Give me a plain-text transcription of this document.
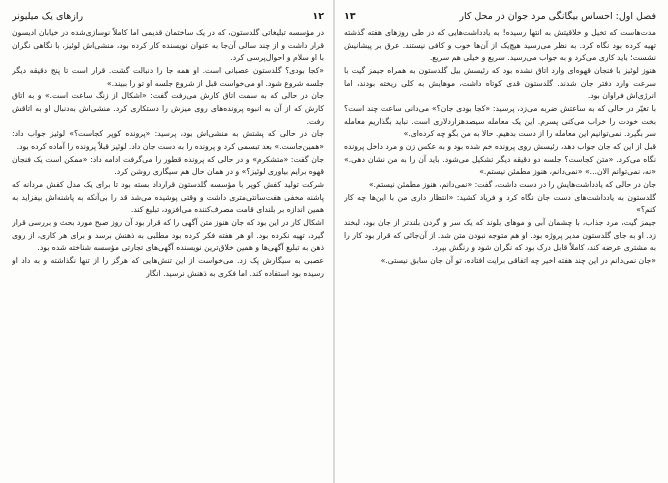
۱۲
رازهای یک میلیونر

در مؤسسه تبلیغاتی گلدستون، که در یک ساختمان قدیمی اما کاملاً نوسازی‌شده در خیابان ادیسون قرار داشت و از چند سالی آن‌جا به عنوان نویسنده کار کرده بود، منشی‌اش لوئیز، با نگاهی نگران با او سلام و احوال‌پرسی کرد.

«کجا بودی؟ گلدستون عصبانی است. او همه جا را دنبالت گشت. قرار است تا پنج دقیقه دیگر جلسه شروع شود. او می‌خواست قبل از شروع جلسه او تو را ببیند.»

جان در حالی که به سمت اتاق کارش می‌رفت گفت: «اشکال از زنگ ساعت است.» و به اتاق کارش که از آن به انبوه پرونده‌های روی میزش را دستکاری کرد. منشی‌اش به‌دنبال او به اتاقش رفت.

جان در حالی که پشتش به منشی‌اش بود، پرسید: «پرونده کوپر کجاست؟» لوئیز جواب داد: «همین‌جاست.» بعد تبسمی کرد و پرونده را به دست جان داد. لوئیز قبلاً پرونده را آماده کرده بود.

جان گفت: «متشکرم» و در حالی که پرونده قطور را می‌گرفت ادامه داد: «ممکن است یک فنجان قهوه برایم بیاوری لوئیز؟» و در همان حال هم سیگاری روشن کرد.

شرکت تولید کفش کوپر با مؤسسه گلدستون قرارداد بسته بود تا برای یک مدل کفش مردانه که پاشنه مخفی هفت‌سانتی‌متری داشت و وقتی پوشیده می‌شد قد را بی‌آنکه به پاشنه‌اش بیفزاید به همین اندازه بر بلندای قامت مصرف‌کننده می‌افزود، تبلیغ کند.

اشکال کار در این بود که جان هنوز متن آگهی را که قرار بود آن روز صبح مورد بحث و بررسی قرار گیرد، تهیه نکرده بود. او هر هفته فکر کرده بود مطلبی به ذهنش برسد و برای هر کاری، از روی ذهن به تبلیغ آگهی‌ها و همین خلاق‌ترین نویسنده آگهی‌های تجارتی مؤسسه شناخته شده بود.

عصبی به سیگارش پک زد. می‌خواست از این تنش‌هایی که هرگز را از تنها نگذاشته و به داد او رسیده بود استفاده کند. اما فکری به ذهنش نرسید. انگار

فصل اول: احساس بیگانگی مرد جوان در محل کار
۱۳

مدت‌هاست که تخیل و خلاقیتش به انتها رسیده! به یادداشت‌هایی که در طی روزهای هفته گذشته تهیه کرده بود نگاه کرد. به نظر می‌رسید هیچ‌یک از آن‌ها خوب و کافی نیستند. عرق بر پیشانیش نشست؛ باید کاری می‌کرد و به جواب می‌رسید. سریع و خیلی هم سریع.

هنوز لوئیز با فنجان قهوه‌ای وارد اتاق نشده بود که رئیسش بیل گلدستون به همراه جیمز گیت با سرعت وارد دفتر جان شدند. گلدستون قدی کوتاه داشت، موهایش به کلی ریخته بودند، اما انرژی‌اش فراوان بود.

با تغیّر در حالی که به ساعتش ضربه می‌زد، پرسید: «کجا بودی جان؟» می‌دانی ساعت چند است؟ بخت خودت را خراب می‌کنی پسرم. این یک معامله سیصدهزاردلاری است. نباید بگذاریم معامله سر بگیرد. نمی‌توانیم این معامله را از دست بدهیم. حالا به من بگو چه کرده‌ای.»

قبل از این که جان جواب دهد، رئیسش روی پرونده خم شده بود و به عکس زن و مرد داخل پرونده نگاه می‌کرد. «متن کجاست؟ جلسه دو دقیقه دیگر تشکیل می‌شود. باید آن را به من نشان دهی.» «نه، نمی‌توانم الان...» «نمی‌دانم، هنوز مطمئن نیستم.»

جان در حالی که یادداشت‌هایش را در دست داشت، گفت: «نمی‌دانم، هنوز مطمئن نیستم.»

گلدستون به یادداشت‌های دست جان نگاه کرد و فریاد کشید: «انتظار داری من با این‌ها چه کار کنم؟»

جیمز گیت، مرد جذاب، با چشمان آبی و موهای بلوند که یک سر و گردن بلندتر از جان بود، لبخند زد. او به جای گلدستون مدیر پروژه بود. او هم متوجه نبودن متن شد. از آن‌جائی که قرار بود کار را به مشتری عرضه کند، کاملاً قابل درک بود که نگران شود و رنگش بپرد.

«جان نمی‌دانم در این چند هفته اخیر چه اتفاقی برایت افتاده، تو آن جان سابق نیستی.»
